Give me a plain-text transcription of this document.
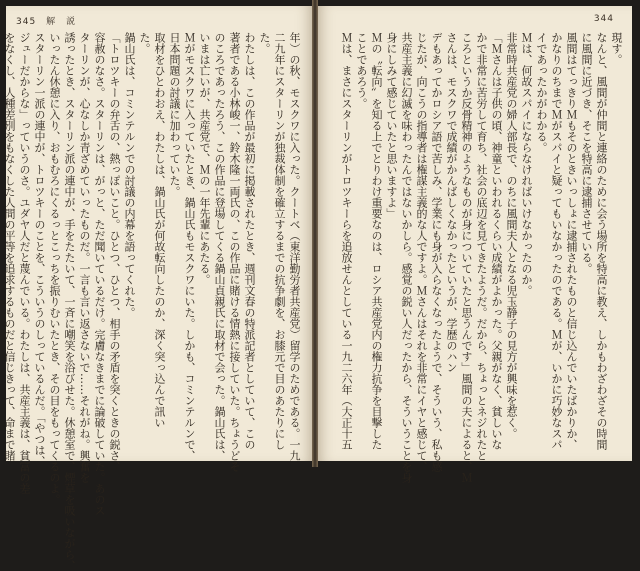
345 解　説
年）の秋、モスクワに入った。クートベ（東洋勤労者共産党）留学のためである。一九
二九年にスターリンが独裁体制を確立するまでの抗争劇を、お膝元で目のあたりにし
た。
わたしは、この作品が最初に掲載されたとき、週刊文春の特派記者としていて、この
著者である小林峻一、鈴木隆一両氏の、この作品に賭ける情熱に接していた。ちょうどそ
のころであったろう、この作品に登場してくる鍋山貞親氏に取材で会った。鍋山氏は、
いまは亡いが、共産党で、Ｍの一年先輩にあたる。
Ｍがモスクワに入っていたとき、鍋山氏もモスクワにいた。しかも、コミンテルンで、
日本問題の討議に加わっていた。
取材をひとわおえ、わたしは、鍋山氏が何故転向したのか、深く突っ込んで訊い
た。
鍋山氏は、コミンテルンでの討議の内幕を語ってくれた。
「トロツキーの弁舌の、熱っぽいこと。ひとつ、ひとつ、相手の矛盾を突くときの鋭さ、
容赦のなさ。スターリンは、がっと、ただ聞いているだけ。完膚なきまでに論破していた。あのス
ターリンが、心なしか青ざめていったものだ。一言も言い返さないで……それがね。興奮を
誘ったとき、スターリン派の連中が、手をたたいて、一斉に嘲笑を浴びせた。休憩室で、煙草を吸いながら、
いったん休憩に入り、おもむろにくるっとこっちを振りむいたとき、その目をもってくるのよ。
スターリン一派の連中が、トロツキーのことを、こういうのしっているんだ。「やつは、
ジューだからな」っていうのさ。ユダヤ人だと蔑んでいる。わたしは、共産主義は、貧富の差
をなくし、人種差別をもなくした人間の平等を追求するものだと信じきって、命まで賭
344
現す。
なんと、風間が仲間と連絡のために会う場所を特高に教え、しかもわざわざその時間
に風間に近づき、そこを特高に逮捕させている。
風間はてっきりＭもそのときいっしょに逮捕されたものと信じ込んでいたばかりか、
かなりのちまでＭがスパイと疑ってもいなかったのである。Ｍが、いかに巧妙なスパ
イであったかがわかる。
Ｍは、何故スパイにならなければいけなかったのか。
非常時共産党の婦人部長で、のちに風間夫人となる児玉静子の見方が興味を惹く。
「Ｍさんは子供の頃、神童といわれるくらい成績がよかった。父親がなく、貧しいな
かで非常に苦労して育ち、社会の底辺を見てきたようだ。だから、ちょっとネジれたと
ころというか反骨精神のようなものが身についていたと思うんです」風間の夫によると、Ｍ
さんは、モスクワで成績がかんばしくなかったというが、学歴のハン
デもあってかロシア語で苦しみ、学業にも身が入らなくなったようで、そういう、私も感
じたが、向こうの指導者は権謀主義的な人ですよ。Ｍさんはそれを非常にイヤと感じて、
共産主義に幻滅を味わったんではないかしら。感覚の鋭い人だったから、そういうことを身
身にしみて感じていたと思いますよ」
Ｍの〝転向〟を知る上でとりわけ重要なのは、ロシア共産党内の権力抗争を目撃した
ことであろう。
Ｍは、まさにスターリンがトロツキーらを追放せんとしている一九二六年（大正十五
